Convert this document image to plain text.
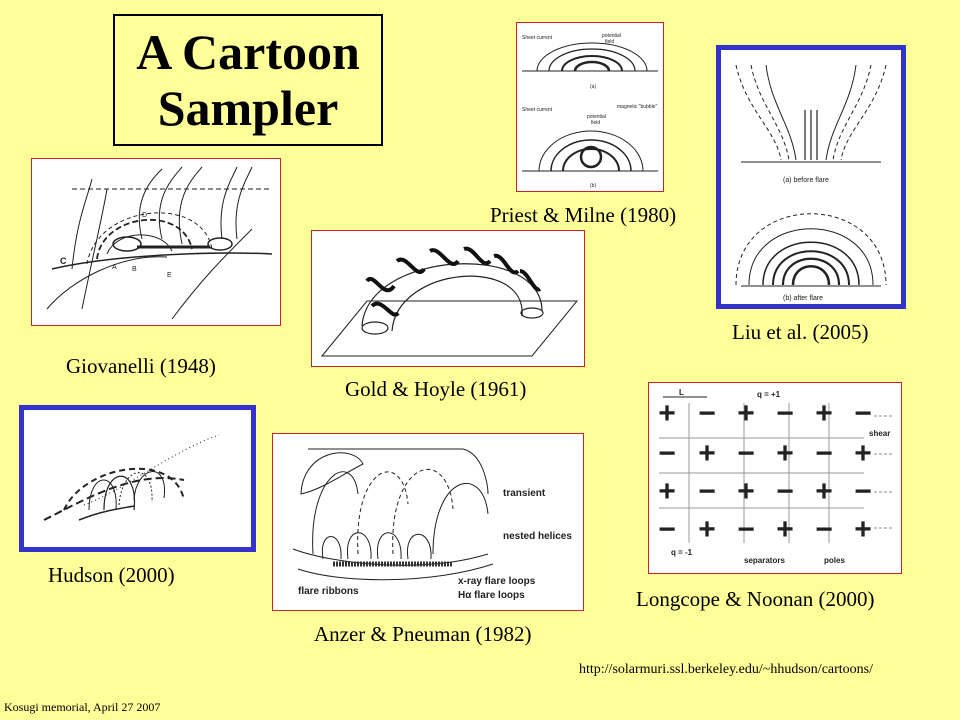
A Cartoon
Sampler
Sheet current	potential
field
(a)
Sheet current
potential
field
magnetic "bubble"
(b)
Priest & Milne (1980)
(a) before flare
(b) after flare
Liu et al. (2005)
C
A B
D
E
Giovanelli (1948)
Gold & Hoyle (1961)
Hudson (2000)
transient
nested helices
flare ribbons
x-ray flare loops
Hα flare loops
Anzer & Pneuman (1982)
L	q = +1
+ − + − + −
− + − + − +
+ − + − + −
− + − + − +
shear
q = -1
separators	poles
Longcope & Noonan (2000)
http://solarmuri.ssl.berkeley.edu/~hhudson/cartoons/
Kosugi memorial, April 27 2007
